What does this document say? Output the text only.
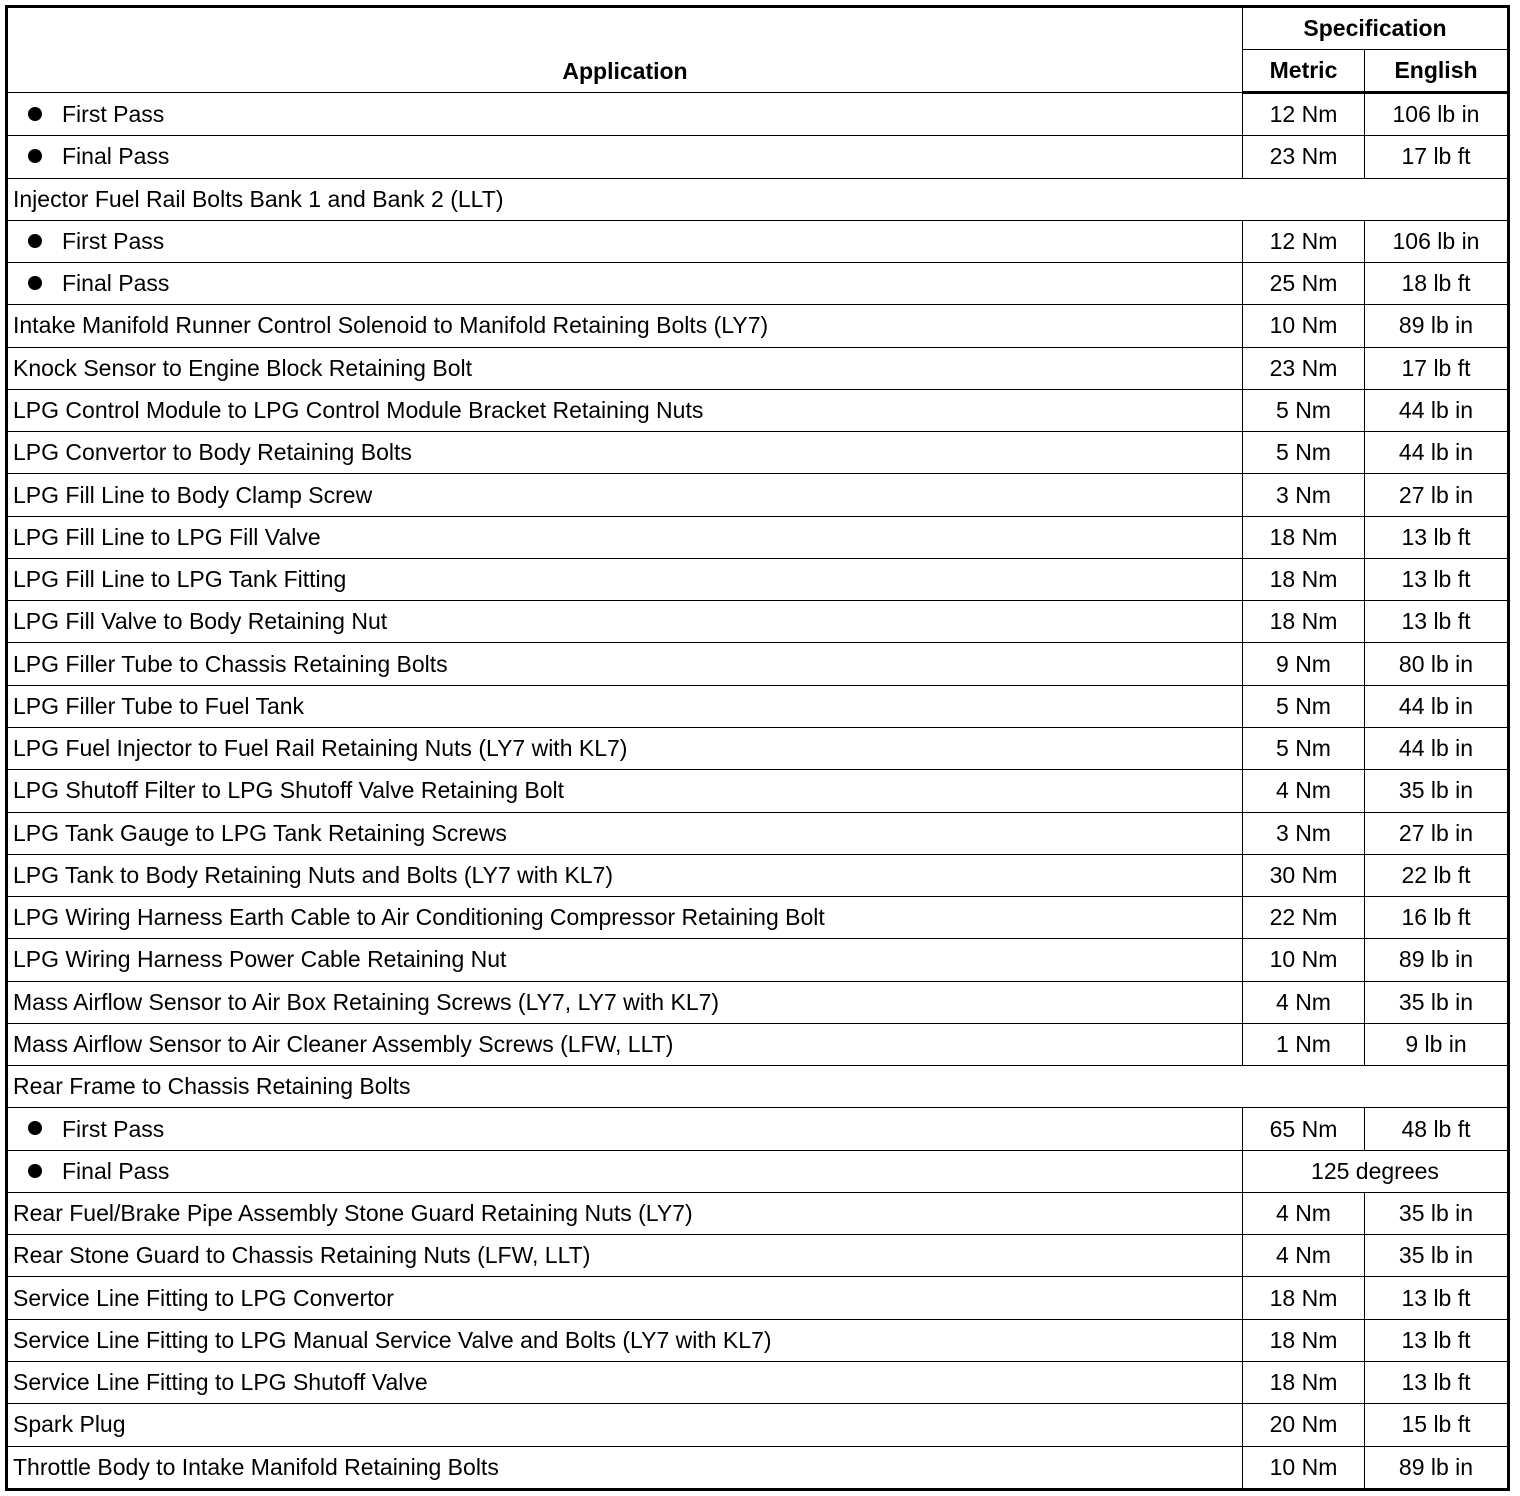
Application	Specification	
	Metric	English
First Pass	12 Nm	106 lb in
Final Pass	23 Nm	17 lb ft
Injector Fuel Rail Bolts Bank 1 and Bank 2 (LLT)		
First Pass	12 Nm	106 lb in
Final Pass	25 Nm	18 lb ft
Intake Manifold Runner Control Solenoid to Manifold Retaining Bolts (LY7)	10 Nm	89 lb in
Knock Sensor to Engine Block Retaining Bolt	23 Nm	17 lb ft
LPG Control Module to LPG Control Module Bracket Retaining Nuts	5 Nm	44 lb in
LPG Convertor to Body Retaining Bolts	5 Nm	44 lb in
LPG Fill Line to Body Clamp Screw	3 Nm	27 lb in
LPG Fill Line to LPG Fill Valve	18 Nm	13 lb ft
LPG Fill Line to LPG Tank Fitting	18 Nm	13 lb ft
LPG Fill Valve to Body Retaining Nut	18 Nm	13 lb ft
LPG Filler Tube to Chassis Retaining Bolts	9 Nm	80 lb in
LPG Filler Tube to Fuel Tank	5 Nm	44 lb in
LPG Fuel Injector to Fuel Rail Retaining Nuts (LY7 with KL7)	5 Nm	44 lb in
LPG Shutoff Filter to LPG Shutoff Valve Retaining Bolt	4 Nm	35 lb in
LPG Tank Gauge to LPG Tank Retaining Screws	3 Nm	27 lb in
LPG Tank to Body Retaining Nuts and Bolts (LY7 with KL7)	30 Nm	22 lb ft
LPG Wiring Harness Earth Cable to Air Conditioning Compressor Retaining Bolt	22 Nm	16 lb ft
LPG Wiring Harness Power Cable Retaining Nut	10 Nm	89 lb in
Mass Airflow Sensor to Air Box Retaining Screws (LY7, LY7 with KL7)	4 Nm	35 lb in
Mass Airflow Sensor to Air Cleaner Assembly Screws (LFW, LLT)	1 Nm	9 lb in
Rear Frame to Chassis Retaining Bolts		
First Pass	65 Nm	48 lb ft
Final Pass	125 degrees	
Rear Fuel/Brake Pipe Assembly Stone Guard Retaining Nuts (LY7)	4 Nm	35 lb in
Rear Stone Guard to Chassis Retaining Nuts (LFW, LLT)	4 Nm	35 lb in
Service Line Fitting to LPG Convertor	18 Nm	13 lb ft
Service Line Fitting to LPG Manual Service Valve and Bolts (LY7 with KL7)	18 Nm	13 lb ft
Service Line Fitting to LPG Shutoff Valve	18 Nm	13 lb ft
Spark Plug	20 Nm	15 lb ft
Throttle Body to Intake Manifold Retaining Bolts	10 Nm	89 lb in
